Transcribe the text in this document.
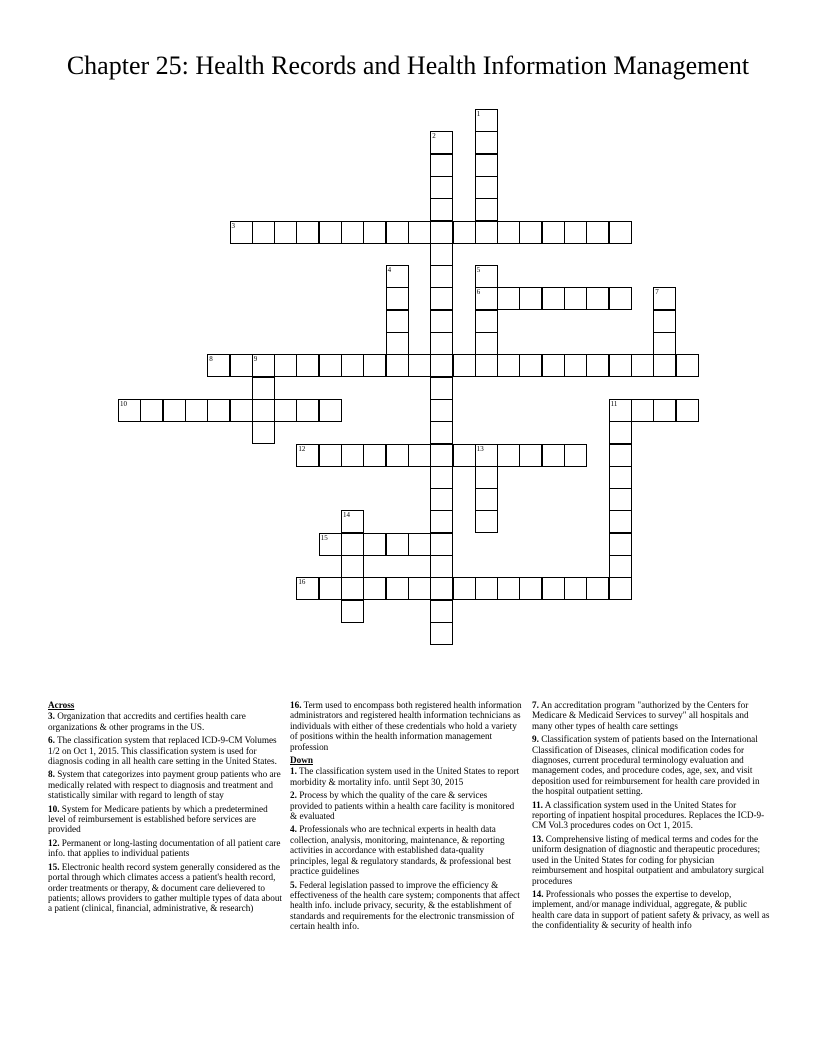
Chapter 25: Health Records and Health Information Management
1
2
3
4	5
6	7
8	9
10	11
12	13
14
15
16
Across
3. Organization that accredits and certifies health care organizations & other programs in the US.
6. The classification system that replaced ICD-9-CM Volumes 1/2 on Oct 1, 2015. This classification system is used for diagnosis coding in all health care setting in the United States.
8. System that categorizes into payment group patients who are medically related with respect to diagnosis and treatment and statistically similar with regard to length of stay
10. System for Medicare patients by which a predetermined level of reimbursement is established before services are provided
12. Permanent or long-lasting documentation of all patient care info. that applies to individual patients
15. Electronic health record system generally considered as the portal through which climates access a patient's health record, order treatments or therapy, & document care delievered to patients; allows providers to gather multiple types of data about a patient (clinical, financial, administrative, & research)
16. Term used to encompass both registered health information administrators and registered health information technicians as individuals with either of these credentials who hold a variety of positions within the health information management profession
Down
1. The classification system used in the United States to report morbidity & mortality info. until Sept 30, 2015
2. Process by which the quality of the care & services provided to patients within a health care facility is monitored & evaluated
4. Professionals who are technical experts in health data collection, analysis, monitoring, maintenance, & reporting activities in accordance with established data-quality principles, legal & regulatory standards, & professional best practice guidelines
5. Federal legislation passed to improve the efficiency & effectiveness of the health care system; components that affect health info. include privacy, security, & the establishment of standards and requirements for the electronic transmission of certain health info.
7. An accreditation program "authorized by the Centers for Medicare & Medicaid Services to survey" all hospitals and many other types of health care settings
9. Classification system of patients based on the International Classification of Diseases, clinical modification codes for diagnoses, current procedural terminology evaluation and management codes, and procedure codes, age, sex, and visit deposition used for reimbursement for health care provided in the hospital outpatient setting.
11. A classification system used in the United States for reporting of inpatient hospital procedures. Replaces the ICD-9-CM Vol.3 procedures codes on Oct 1, 2015.
13. Comprehensive listing of medical terms and codes for the uniform designation of diagnostic and therapeutic procedures; used in the United States for coding for physician reimbursement and hospital outpatient and ambulatory surgical procedures
14. Professionals who posses the expertise to develop, implement, and/or manage individual, aggregate, & public health care data in support of patient safety & privacy, as well as the confidentiality & security of health info
